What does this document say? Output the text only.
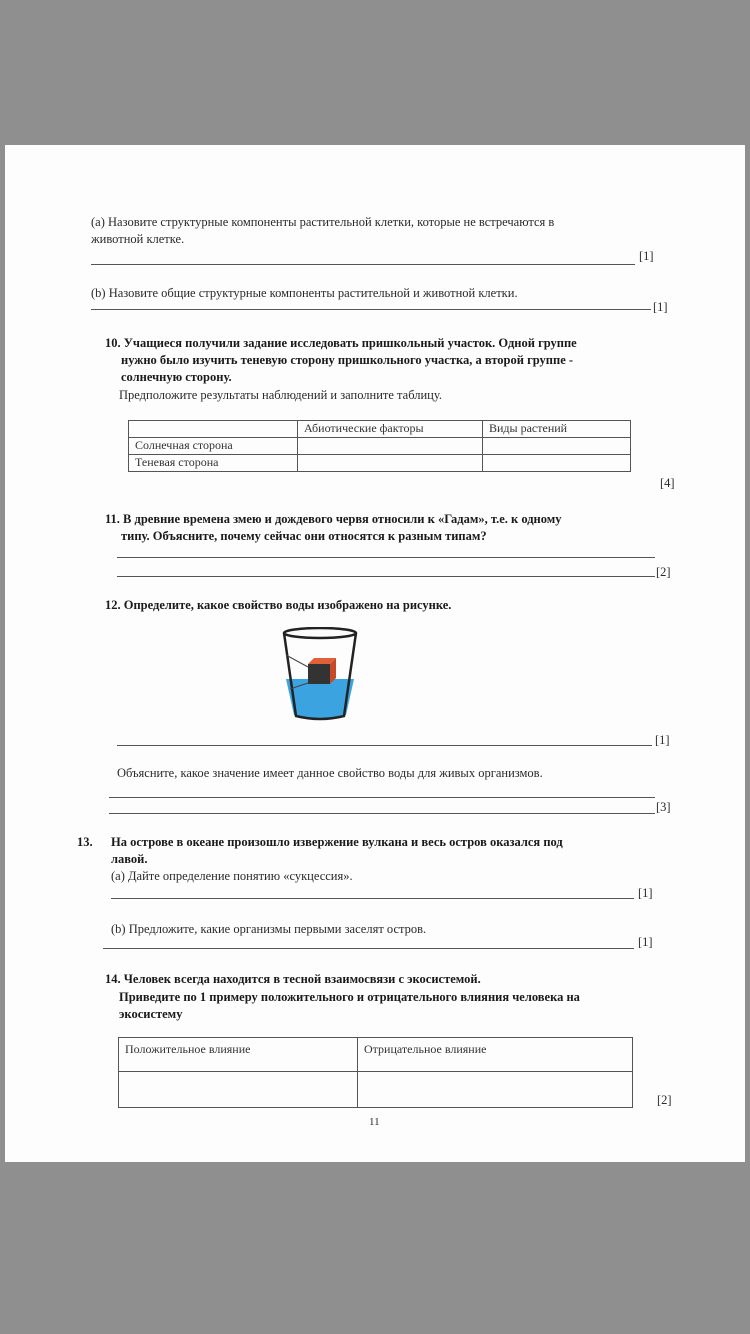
(a) Назовите структурные компоненты растительной клетки, которые не встречаются в
животной клетке.
[1]
(b) Назовите общие структурные компоненты растительной и животной клетки.
[1]
10. Учащиеся получили задание исследовать пришкольный участок. Одной группе
нужно было изучить теневую сторону пришкольного участка, а второй группе -
солнечную сторону.
Предположите результаты наблюдений и заполните таблицу.
	Абиотические факторы	Виды растений
Солнечная сторона		
Теневая сторона		
[4]
11. В древние времена змею и дождевого червя относили к «Гадам», т.е. к одному
типу. Объясните, почему сейчас они относятся к разным типам?
[2]
12. Определите, какое свойство воды изображено на рисунке.
[1]
Объясните, какое значение имеет данное свойство воды для живых организмов.
[3]
13. На острове в океане произошло извержение вулкана и весь остров оказался под
лавой.
(a) Дайте определение понятию «сукцессия».
[1]
(b) Предложите, какие организмы первыми заселят остров.
[1]
14. Человек всегда находится в тесной взаимосвязи с экосистемой.
Приведите по 1 примеру положительного и отрицательного влияния человека на
экосистему
Положительное влияние	Отрицательное влияние

[2]
11
